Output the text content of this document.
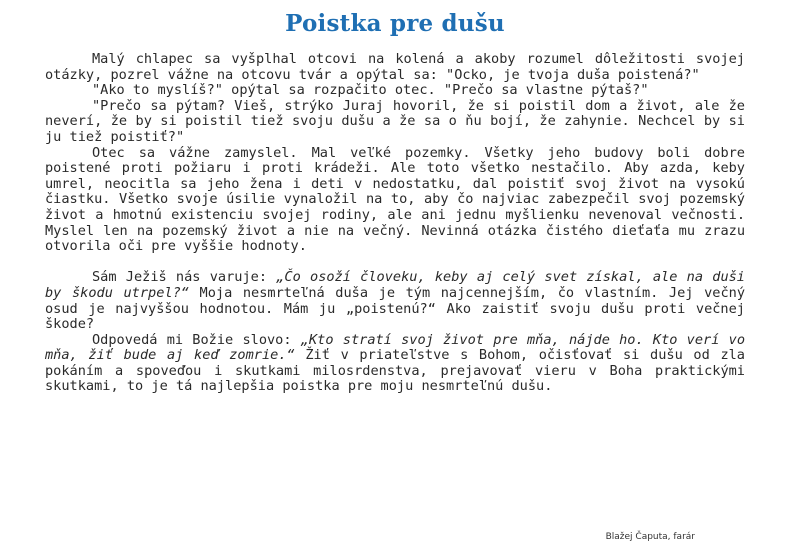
Poistka pre dušu

Malý chlapec sa vyšplhal otcovi na kolená a akoby rozumel dôležitosti svojej otázky, pozrel vážne na otcovu tvár a opýtal sa: "Ocko, je tvoja duša poistená?"

"Ako to myslíš?" opýtal sa rozpačito otec. "Prečo sa vlastne pýtaš?"

"Prečo sa pýtam? Vieš, strýko Juraj hovoril, že si poistil dom a život, ale že neverí, že by si poistil tiež svoju dušu a že sa o ňu bojí, že zahynie. Nechcel by si ju tiež poistiť?"

Otec sa vážne zamyslel. Mal veľké pozemky. Všetky jeho budovy boli dobre poistené proti požiaru i proti krádeži. Ale toto všetko nestačilo. Aby azda, keby umrel, neocitla sa jeho žena i deti v nedostatku, dal poistiť svoj život na vysokú čiastku. Všetko svoje úsilie vynaložil na to, aby čo najviac zabezpečil svoj pozemský život a hmotnú existenciu svojej rodiny, ale ani jednu myšlienku nevenoval večnosti. Myslel len na pozemský život a nie na večný. Nevinná otázka čistého dieťaťa mu zrazu otvorila oči pre vyššie hodnoty.

Sám Ježiš nás varuje: „Čo osoží človeku, keby aj celý svet získal, ale na duši by škodu utrpel?“ Moja nesmrteľná duša je tým najcennejším, čo vlastním. Jej večný osud je najvyššou hodnotou. Mám ju „poistenú?“ Ako zaistiť svoju dušu proti večnej škode?

Odpovedá mi Božie slovo: „Kto stratí svoj život pre mňa, nájde ho. Kto verí vo mňa, žiť bude aj keď zomrie.“ Žiť v priateľstve s Bohom, očisťovať si dušu od zla pokáním a spoveďou i skutkami milosrdenstva, prejavovať vieru v Boha praktickými skutkami, to je tá najlepšia poistka pre moju nesmrteľnú dušu.

Blažej Čaputa, farár
